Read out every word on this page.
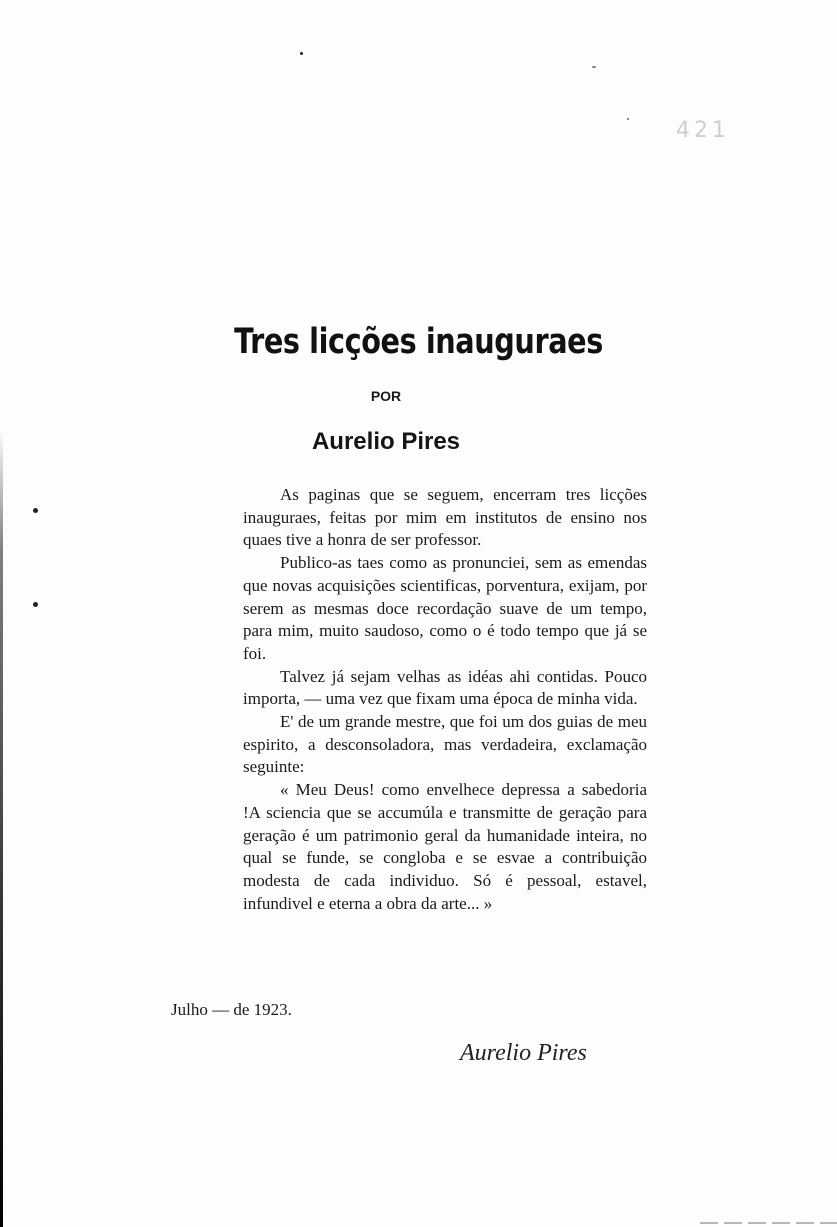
421
Tres licções inauguraes
POR
Aurelio Pires

As paginas que se seguem, encerram tres licções inauguraes, feitas por mim em institutos de ensino nos quaes tive a honra de ser professor.

Publico-as taes como as pronunciei, sem as emendas que novas acquisições scientificas, porventura, exijam, por serem as mesmas doce recordação suave de um tempo, para mim, muito saudoso, como o é todo tempo que já se foi.

Talvez já sejam velhas as idéas ahi contidas. Pouco importa, — uma vez que fixam uma época de minha vida.

E' de um grande mestre, que foi um dos guias de meu espirito, a desconsoladora, mas verdadeira, exclamação seguinte:

« Meu Deus! como envelhece depressa a sabedoria !A sciencia que se accumúla e transmitte de geração para geração é um patrimonio geral da humanidade inteira, no qual se funde, se congloba e se esvae a contribuição modesta de cada individuo. Só é pessoal, estavel, infundivel e eterna a obra da arte... »

Julho — de 1923.
Aurelio Pires
